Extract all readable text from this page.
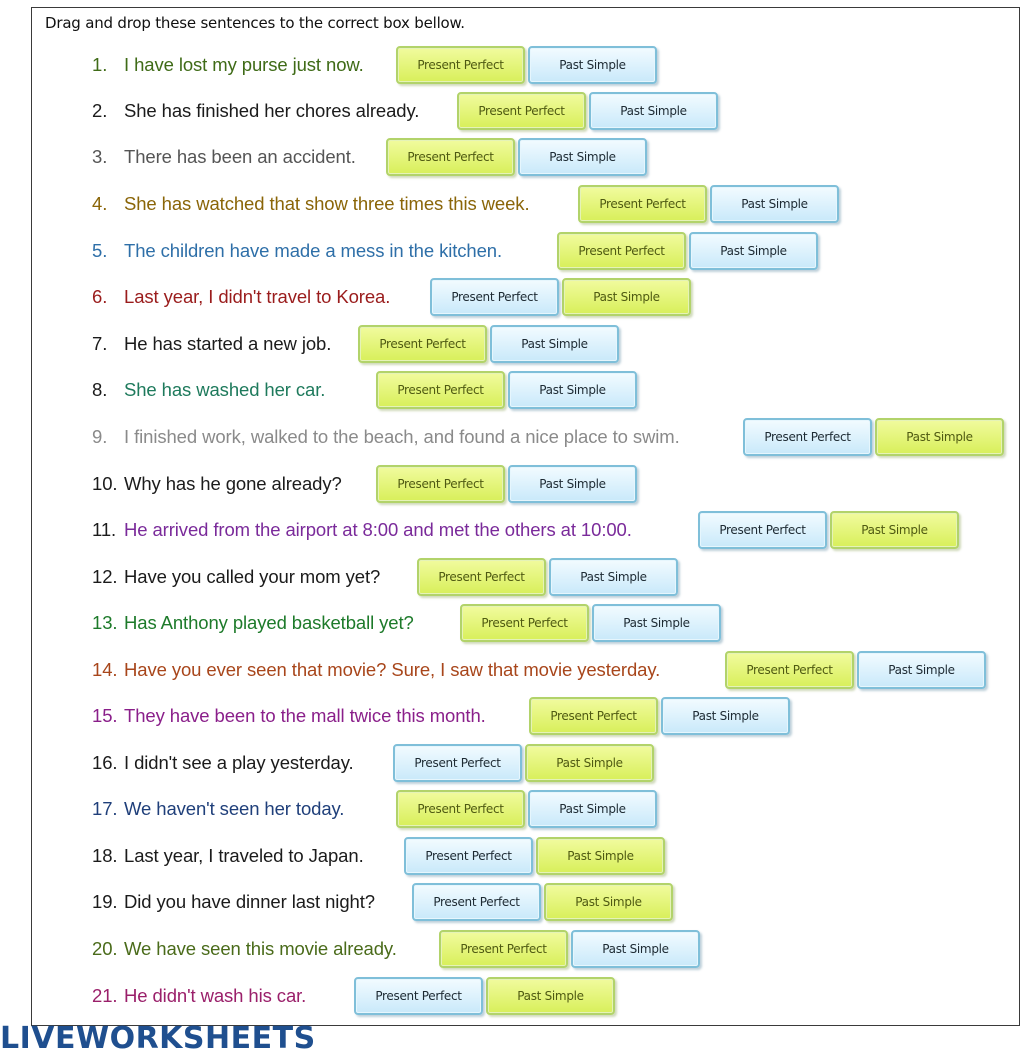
Drag and drop these sentences to the correct box bellow.
1. I have lost my purse just now.	Present Perfect	Past Simple
2. She has finished her chores already.	Present Perfect	Past Simple
3. There has been an accident.	Present Perfect	Past Simple
4. She has watched that show three times this week.	Present Perfect	Past Simple
5. The children have made a mess in the kitchen.	Present Perfect	Past Simple
6. Last year, I didn't travel to Korea.	Present Perfect	Past Simple
7. He has started a new job.	Present Perfect	Past Simple
8. She has washed her car.	Present Perfect	Past Simple
9. I finished work, walked to the beach, and found a nice place to swim.	Present Perfect	Past Simple
10. Why has he gone already?	Present Perfect	Past Simple
11. He arrived from the airport at 8:00 and met the others at 10:00.	Present Perfect	Past Simple
12. Have you called your mom yet?	Present Perfect	Past Simple
13. Has Anthony played basketball yet?	Present Perfect	Past Simple
14. Have you ever seen that movie? Sure, I saw that movie yesterday.	Present Perfect	Past Simple
15. They have been to the mall twice this month.	Present Perfect	Past Simple
16. I didn't see a play yesterday.	Present Perfect	Past Simple
17. We haven't seen her today.	Present Perfect	Past Simple
18. Last year, I traveled to Japan.	Present Perfect	Past Simple
19. Did you have dinner last night?	Present Perfect	Past Simple
20. We have seen this movie already.	Present Perfect	Past Simple
21. He didn't wash his car.	Present Perfect	Past Simple
LIVEWORKSHEETS
